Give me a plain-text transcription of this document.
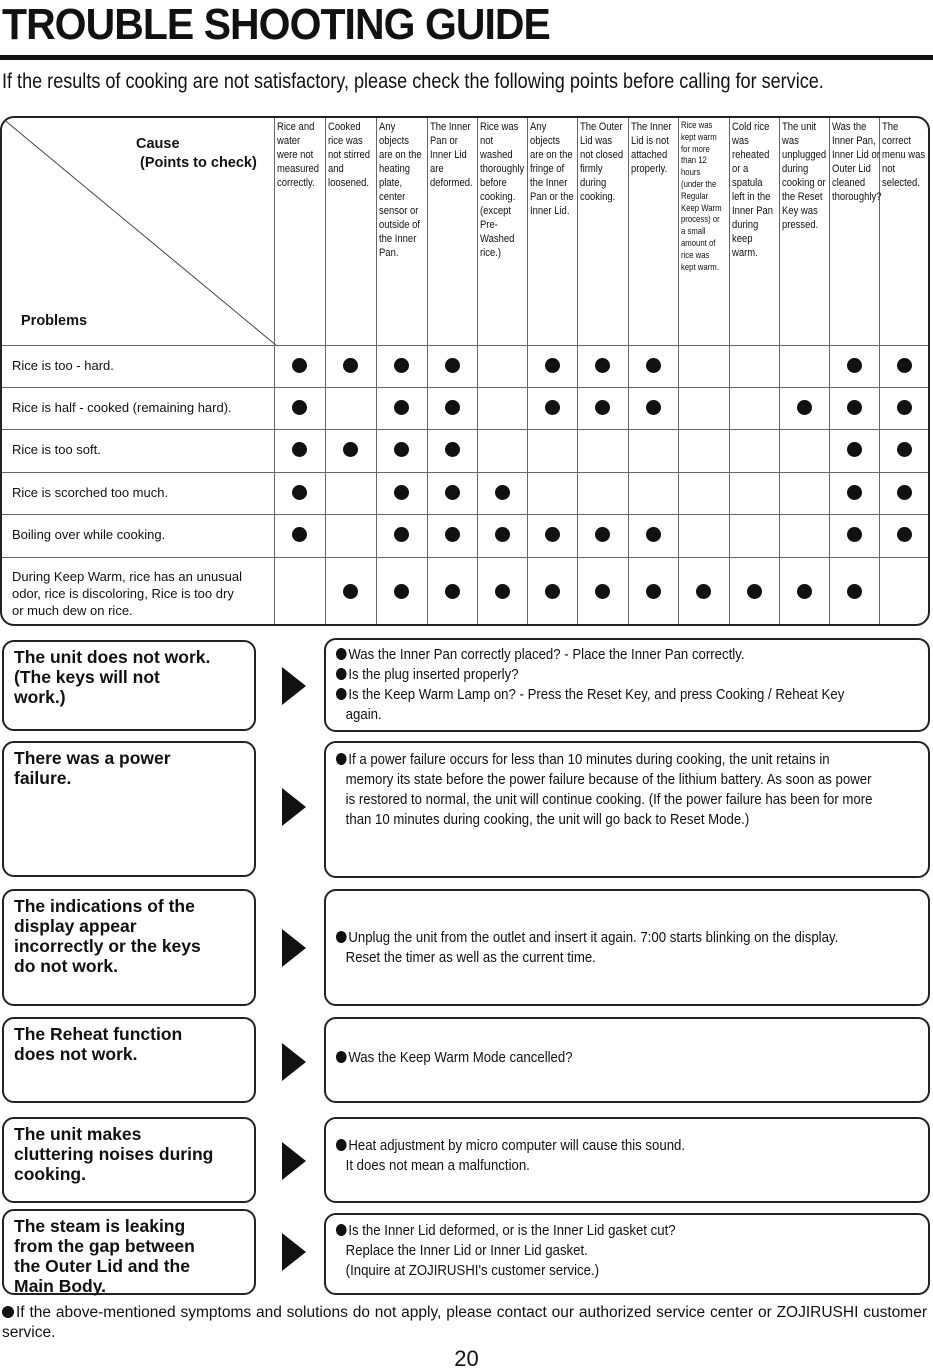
TROUBLE SHOOTING GUIDE
If the results of cooking are not satisfactory, please check the following points before calling for service.
Cause
(Points to check)
Problems
Rice and
water
were not
measured
correctly.
Cooked
rice was
not stirred
and
loosened.
Any
objects
are on the
heating
plate,
center
sensor or
outside of
the Inner
Pan.
The Inner
Pan or
Inner Lid
are
deformed.
Rice was
not
washed
thoroughly
before
cooking.
(except
Pre-
Washed
rice.)
Any
objects
are on the
fringe of
the Inner
Pan or the
Inner Lid.
The Outer
Lid was
not closed
firmly
during
cooking.
The Inner
Lid is not
attached
properly.
Rice was
kept warm
for more
than 12
hours
(under the
Regular
Keep Warm
process) or
a small
amount of
rice was
kept warm.
Cold rice
was
reheated
or a
spatula
left in the
Inner Pan
during
keep
warm.
The unit
was
unplugged
during
cooking or
the Reset
Key was
pressed.
Was the
Inner Pan,
Inner Lid or
Outer Lid
cleaned
thoroughly?
The
correct
menu was
not
selected.
Rice is too - hard.
Rice is half - cooked (remaining hard).
Rice is too soft.
Rice is scorched too much.
Boiling over while cooking.
During Keep Warm, rice has an unusual
odor, rice is discoloring, Rice is too dry
or much dew on rice.
The unit does not work.
(The keys will not
work.)
Was the Inner Pan correctly placed? - Place the Inner Pan correctly.
Is the plug inserted properly?
Is the Keep Warm Lamp on? - Press the Reset Key, and press Cooking / Reheat Key
again.
There was a power
failure.
If a power failure occurs for less than 10 minutes during cooking, the unit retains in
memory its state before the power failure because of the lithium battery. As soon as power
is restored to normal, the unit will continue cooking. (If the power failure has been for more
than 10 minutes during cooking, the unit will go back to Reset Mode.)
The indications of the
display appear
incorrectly or the keys
do not work.
Unplug the unit from the outlet and insert it again. 7:00 starts blinking on the display.
Reset the timer as well as the current time.
The Reheat function
does not work.	Was the Keep Warm Mode cancelled?
The unit makes
cluttering noises during
cooking.
Heat adjustment by micro computer will cause this sound.
It does not mean a malfunction.
The steam is leaking
from the gap between
the Outer Lid and the
Main Body.
Is the Inner Lid deformed, or is the Inner Lid gasket cut?
Replace the Inner Lid or Inner Lid gasket.
(Inquire at ZOJIRUSHI's customer service.)
If the above-mentioned symptoms and solutions do not apply, please contact our authorized service center or ZOJIRUSHI customer service.
20
